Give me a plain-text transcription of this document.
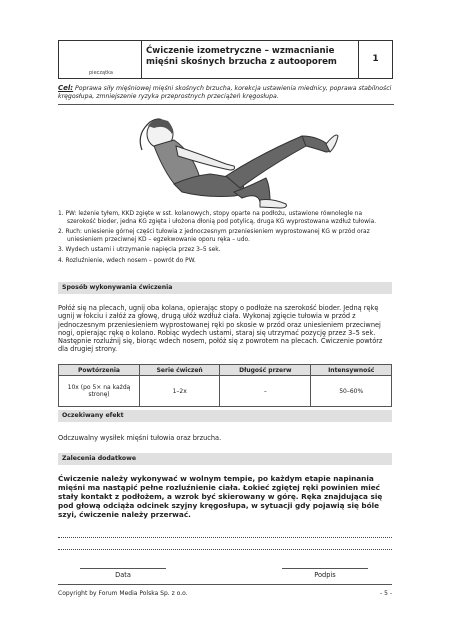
pieczątka
Ćwiczenie izometryczne – wzmacnianie mięśni skośnych brzucha z autooporem	1
Cel: Poprawa siły mięśniowej mięśni skośnych brzucha, korekcja ustawienia miednicy, poprawa stabilności kręgosłupa, zmniejszenie ryzyka przeprostnych przeciążeń kręgosłupa.
1. PW: leżenie tyłem, KKD zgięte w sst. kolanowych, stopy oparte na podłożu, ustawione równolegle na szerokość bioder, jedna KG zgięta i ułożona dłonią pod potylicą, druga KG wyprostowana wzdłuż tułowia.
2. Ruch: uniesienie górnej części tułowia z jednoczesnym przeniesieniem wyprostowanej KG w przód oraz uniesieniem przeciwnej KD – egzekwowanie oporu ręka – udo.
3. Wydech ustami i utrzymanie napięcia przez 3–5 sek.
4. Rozluźnienie, wdech nosem – powrót do PW.
Sposób wykonywania ćwiczenia
Połóż się na plecach, ugnij oba kolana, opierając stopy o podłoże na szerokość bioder. Jedną rękę ugnij w łokciu i załóż za głowę, drugą ułóż wzdłuż ciała. Wykonaj zgięcie tułowia w przód z jednoczesnym przeniesieniem wyprostowanej ręki po skosie w przód oraz uniesieniem przeciwnej nogi, opierając rękę o kolano. Robiąc wydech ustami, staraj się utrzymać pozycję przez 3–5 sek. Następnie rozluźnij się, biorąc wdech nosem, połóż się z powrotem na plecach. Ćwiczenie powtórz dla drugiej strony.
Powtórzenia	Serie ćwiczeń	Długość przerw	Intensywność
10x (po 5× na każdą stronę)	1–2x	–	50–60%
Oczekiwany efekt
Odczuwalny wysiłek mięśni tułowia oraz brzucha.
Zalecenia dodatkowe
Ćwiczenie należy wykonywać w wolnym tempie, po każdym etapie napinania mięśni ma nastąpić pełne rozluźnienie ciała. Łokieć zgiętej ręki powinien mieć stały kontakt z podłożem, a wzrok być skierowany w górę. Ręka znajdująca się pod głową odciąża odcinek szyjny kręgosłupa, w sytuacji gdy pojawią się bóle szyi, ćwiczenie należy przerwać.
Data	Podpis
Copyright by Forum Media Polska Sp. z o.o.	- 5 -
